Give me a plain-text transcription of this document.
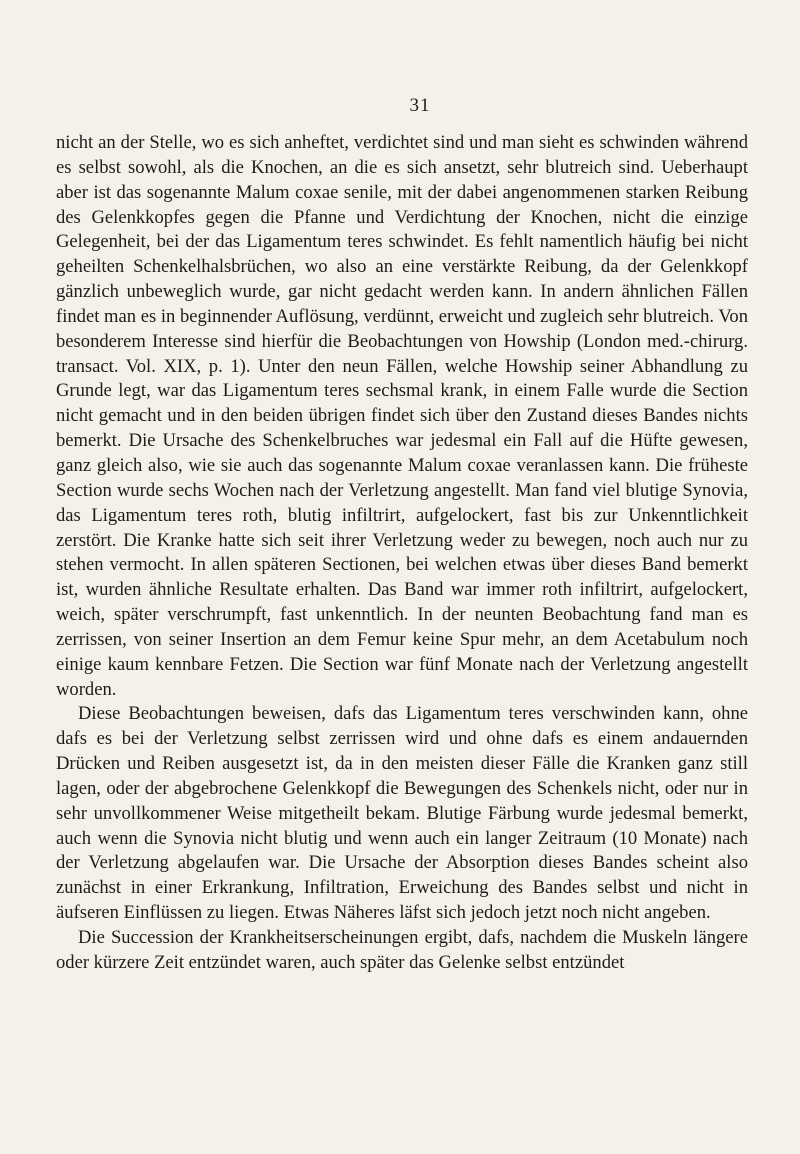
31

nicht an der Stelle, wo es sich anheftet, verdichtet sind und man sieht es schwinden während es selbst sowohl, als die Knochen, an die es sich ansetzt, sehr blutreich sind. Ueberhaupt aber ist das sogenannte Malum coxae senile, mit der dabei angenommenen starken Reibung des Gelenkkopfes gegen die Pfanne und Verdichtung der Knochen, nicht die einzige Gelegenheit, bei der das Ligamentum teres schwindet. Es fehlt namentlich häufig bei nicht geheilten Schenkelhalsbrüchen, wo also an eine verstärkte Reibung, da der Gelenkkopf gänzlich unbeweglich wurde, gar nicht gedacht werden kann. In andern ähnlichen Fällen findet man es in beginnender Auflösung, verdünnt, erweicht und zugleich sehr blutreich. Von besonderem Interesse sind hierfür die Beobachtungen von Howship (London med.-chirurg. transact. Vol. XIX, p. 1). Unter den neun Fällen, welche Howship seiner Abhandlung zu Grunde legt, war das Ligamentum teres sechsmal krank, in einem Falle wurde die Section nicht gemacht und in den beiden übrigen findet sich über den Zustand dieses Bandes nichts bemerkt. Die Ursache des Schenkelbruches war jedesmal ein Fall auf die Hüfte gewesen, ganz gleich also, wie sie auch das sogenannte Malum coxae veranlassen kann. Die früheste Section wurde sechs Wochen nach der Verletzung angestellt. Man fand viel blutige Synovia, das Ligamentum teres roth, blutig infiltrirt, aufgelockert, fast bis zur Unkenntlichkeit zerstört. Die Kranke hatte sich seit ihrer Verletzung weder zu bewegen, noch auch nur zu stehen vermocht. In allen späteren Sectionen, bei welchen etwas über dieses Band bemerkt ist, wurden ähnliche Resultate erhalten. Das Band war immer roth infiltrirt, aufgelockert, weich, später verschrumpft, fast unkenntlich. In der neunten Beobachtung fand man es zerrissen, von seiner Insertion an dem Femur keine Spur mehr, an dem Acetabulum noch einige kaum kennbare Fetzen. Die Section war fünf Monate nach der Verletzung angestellt worden.

Diese Beobachtungen beweisen, dafs das Ligamentum teres verschwinden kann, ohne dafs es bei der Verletzung selbst zerrissen wird und ohne dafs es einem andauernden Drücken und Reiben ausgesetzt ist, da in den meisten dieser Fälle die Kranken ganz still lagen, oder der abgebrochene Gelenkkopf die Bewegungen des Schenkels nicht, oder nur in sehr unvollkommener Weise mitgetheilt bekam. Blutige Färbung wurde jedesmal bemerkt, auch wenn die Synovia nicht blutig und wenn auch ein langer Zeitraum (10 Monate) nach der Verletzung abgelaufen war. Die Ursache der Absorption dieses Bandes scheint also zunächst in einer Erkrankung, Infiltration, Erweichung des Bandes selbst und nicht in äufseren Einflüssen zu liegen. Etwas Näheres läfst sich jedoch jetzt noch nicht angeben.

Die Succession der Krankheitserscheinungen ergibt, dafs, nachdem die Muskeln längere oder kürzere Zeit entzündet waren, auch später das Gelenke selbst entzündet
